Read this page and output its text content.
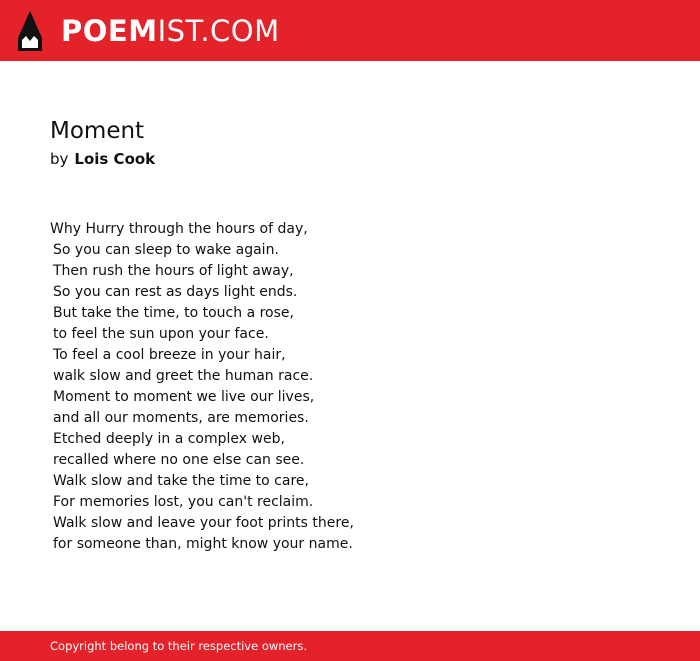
POEMIST.COM
Moment
by Lois Cook
Why Hurry through the hours of day,
So you can sleep to wake again.
Then rush the hours of light away,
So you can rest as days light ends.
But take the time, to touch a rose,
to feel the sun upon your face.
To feel a cool breeze in your hair,
walk slow and greet the human race.
Moment to moment we live our lives,
and all our moments, are memories.
Etched deeply in a complex web,
recalled where no one else can see.
Walk slow and take the time to care,
For memories lost, you can't reclaim.
Walk slow and leave your foot prints there,
for someone than, might know your name.
Copyright belong to their respective owners.
